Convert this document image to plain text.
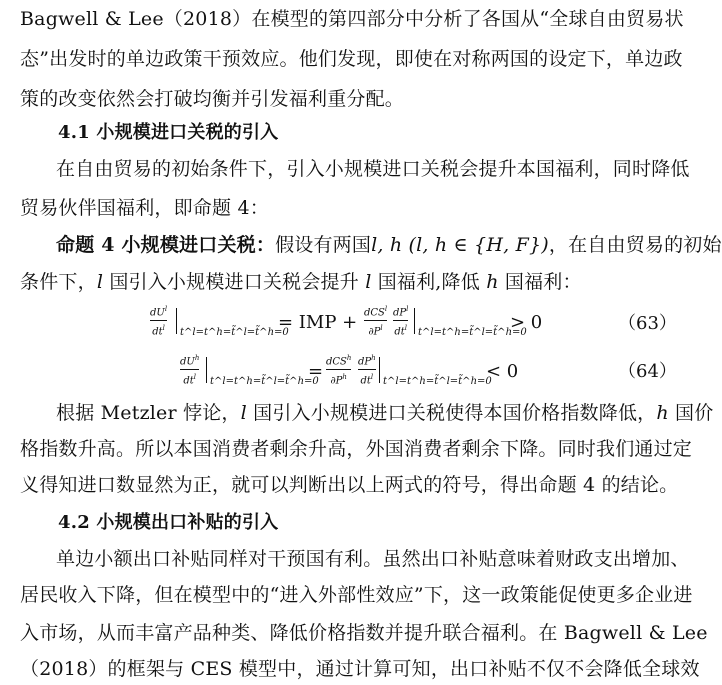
Bagwell & Lee（2018）在模型的第四部分中分析了各国从“全球自由贸易状
态”出发时的单边政策干预效应。他们发现，即使在对称两国的设定下，单边政
策的改变依然会打破均衡并引发福利重分配。
4.1 小规模进口关税的引入
在自由贸易的初始条件下，引入小规模进口关税会提升本国福利，同时降低
贸易伙伴国福利，即命题 4：
命题 4 小规模进口关税：假设有两国l, h (l, h ∈ {H, F})，在自由贸易的初始
条件下，l 国引入小规模进口关税会提升 l 国福利,降低 h 国福利：
$dU^l$
$dt^l$ t^l=t^h=t̃^l=t̃^h=0
= IMP + dCS$^l$
$\partial P^l$
$dP^l$
$dt^l$ t^l=t^h=t̃^l=t̃^h=0
> 0	（63）
$dU^h$
$dt^l$ t^l=t^h=t̃^l=t̃^h=0
= dCS$^h$
$\partial P^h$
$dP^h$
$dt^l$ t^l=t^h=t̃^l=t̃^h=0
< 0	（64）
根据 Metzler 悖论，l 国引入小规模进口关税使得本国价格指数降低，h 国价
格指数升高。所以本国消费者剩余升高，外国消费者剩余下降。同时我们通过定
义得知进口数显然为正，就可以判断出以上两式的符号，得出命题 4 的结论。
4.2 小规模出口补贴的引入
单边小额出口补贴同样对干预国有利。虽然出口补贴意味着财政支出增加、
居民收入下降，但在模型中的“进入外部性效应”下，这一政策能促使更多企业进
入市场，从而丰富产品种类、降低价格指数并提升联合福利。在 Bagwell & Lee
（2018）的框架与 CES 模型中，通过计算可知，出口补贴不仅不会降低全球效
